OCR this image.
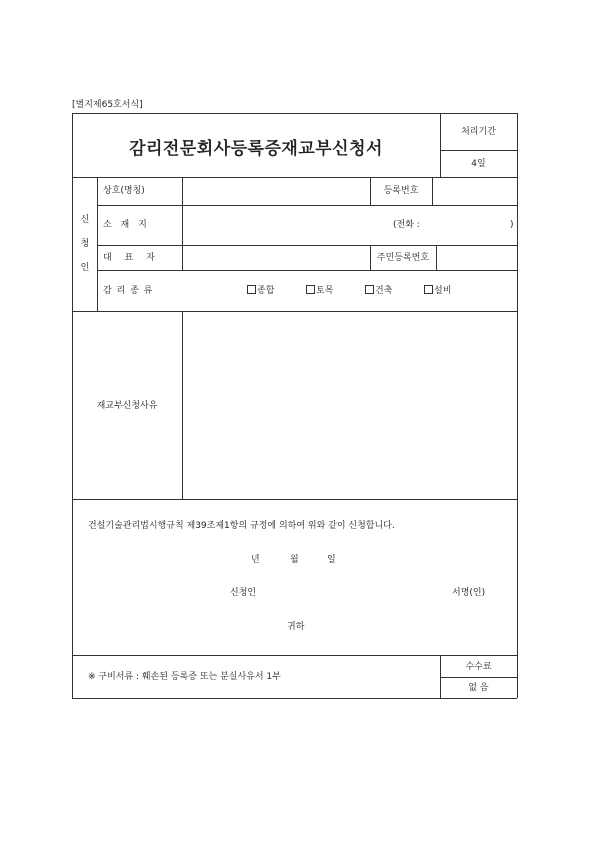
[별지제65호서식]
감리전문회사등록증재교부신청서
처리기간
4일
신
청
인
상호(명칭)	등록번호
소 재 지	(전화 :	)
대 표 자	주민등록번호
감 리 종 류	종합	토목	건축	설비
재교부신청사유
건설기술관리법시행규칙 제39조제1항의 규정에 의하여 위와 같이 신청합니다.
년	월	일
신청인	서명(인)
귀하
※ 구비서류 : 훼손된 등록증 또는 분실사유서 1부
수수료
없 음
